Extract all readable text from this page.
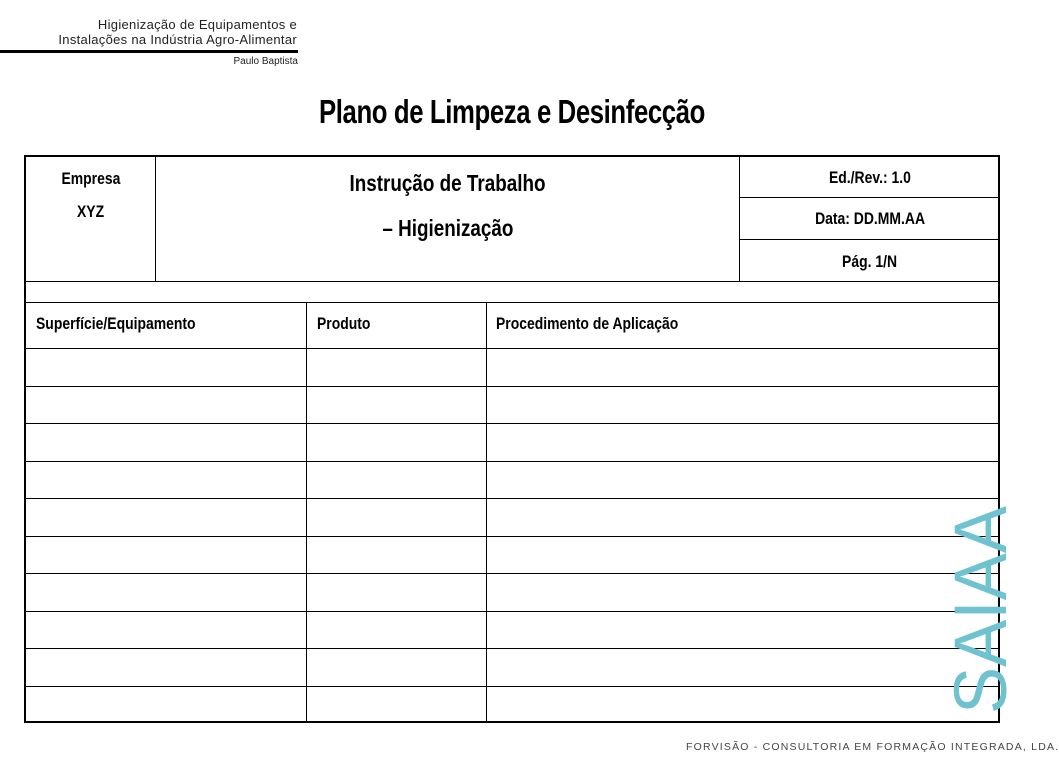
Higienização de Equipamentos e
Instalações na Indústria Agro-Alimentar
Paulo Baptista
Plano de Limpeza e Desinfecção
Empresa
XYZ
Instrução de Trabalho
– Higienização
Ed./Rev.: 1.0
Data: DD.MM.AA
Pág. 1/N
Superfície/Equipamento	Produto	Procedimento de Aplicação
SAIAA
FORVISÃO - CONSULTORIA EM FORMAÇÃO INTEGRADA, LDA.
